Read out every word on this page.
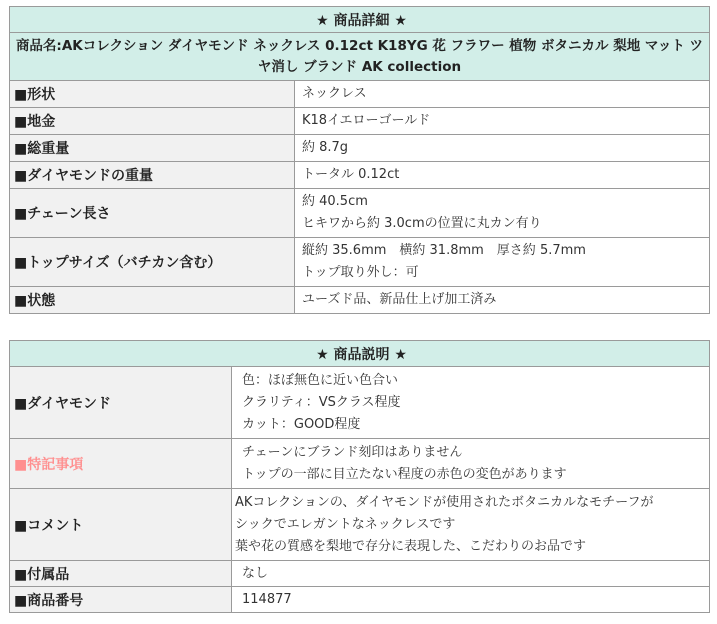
★ 商品詳細 ★	
商品名:AKコレクション ダイヤモンド ネックレス 0.12ct K18YG 花 フラワー 植物 ボタニカル 梨地 マット ツヤ消し ブランド AK collection	
■形状	ネックレス

■地金	K18イエローゴールド

■総重量	約 8.7g

■ダイヤモンドの重量	トータル 0.12ct

■チェーン長さ	約 40.5cm
ヒキワから約 3.0cmの位置に丸カン有り

■トップサイズ（バチカン含む）	縦約 35.6mm　横約 31.8mm　厚さ約 5.7mm
トップ取り外し：可

■状態	ユーズド品、新品仕上げ加工済み
★ 商品説明 ★	
■ダイヤモンド	色：ほぼ無色に近い色合い
クラリティ：VSクラス程度
カット：GOOD程度

■特記事項	チェーンにブランド刻印はありません
トップの一部に目立たない程度の赤色の変色があります

■コメント	AKコレクションの、ダイヤモンドが使用されたボタニカルなモチーフが
シックでエレガントなネックレスです
葉や花の質感を梨地で存分に表現した、こだわりのお品です

■付属品	なし

■商品番号	114877
